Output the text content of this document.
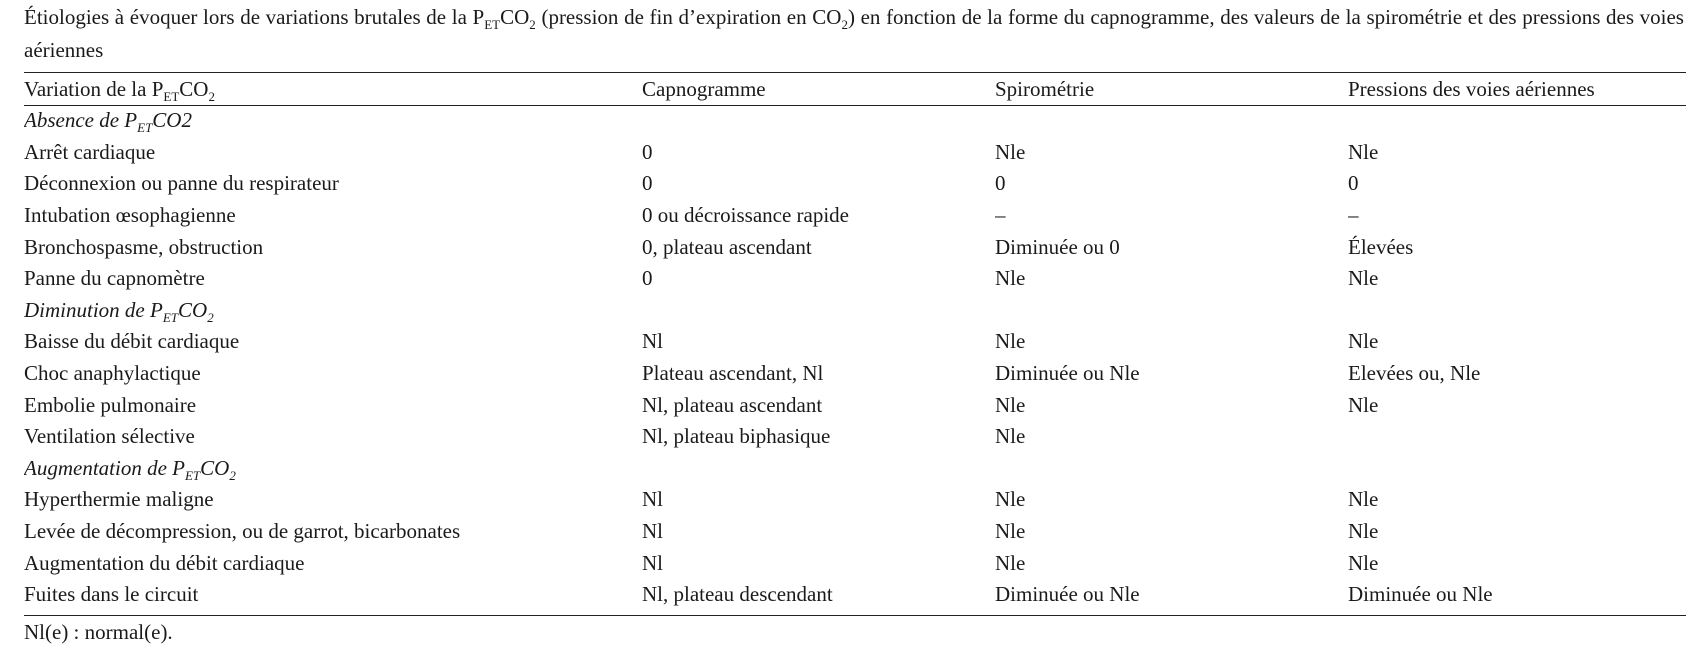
Étiologies à évoquer lors de variations brutales de la $P_{ET}CO_2$ (pression de fin d’expiration en $CO_2$) en fonction de la forme du capnogramme, des valeurs de la spirométrie et des pressions des voies aériennes
Variation de la $P_{ET}CO_2$	Capnogramme	Spirométrie	Pressions des voies aériennes
Absence de $P_{ET}CO2$			
Arrêt cardiaque	0	Nle	Nle
Déconnexion ou panne du respirateur	0	0	0
Intubation œsophagienne	0 ou décroissance rapide	–	–
Bronchospasme, obstruction	0, plateau ascendant	Diminuée ou 0	Élevées
Panne du capnomètre	0	Nle	Nle
Diminution de $P_{ET}CO_2$
Baisse du débit cardiaque	Nl	Nle	Nle
Choc anaphylactique	Plateau ascendant, Nl	Diminuée ou Nle	Elevées ou, Nle
Embolie pulmonaire	Nl, plateau ascendant	Nle	Nle
Ventilation sélective	Nl, plateau biphasique	Nle	
Augmentation de $P_{ET}CO_2$
Hyperthermie maligne	Nl	Nle	Nle
Levée de décompression, ou de garrot, bicarbonates	Nl	Nle	Nle
Augmentation du débit cardiaque	Nl	Nle	Nle
Fuites dans le circuit	Nl, plateau descendant	Diminuée ou Nle	Diminuée ou Nle
Nl(e) : normal(e).
